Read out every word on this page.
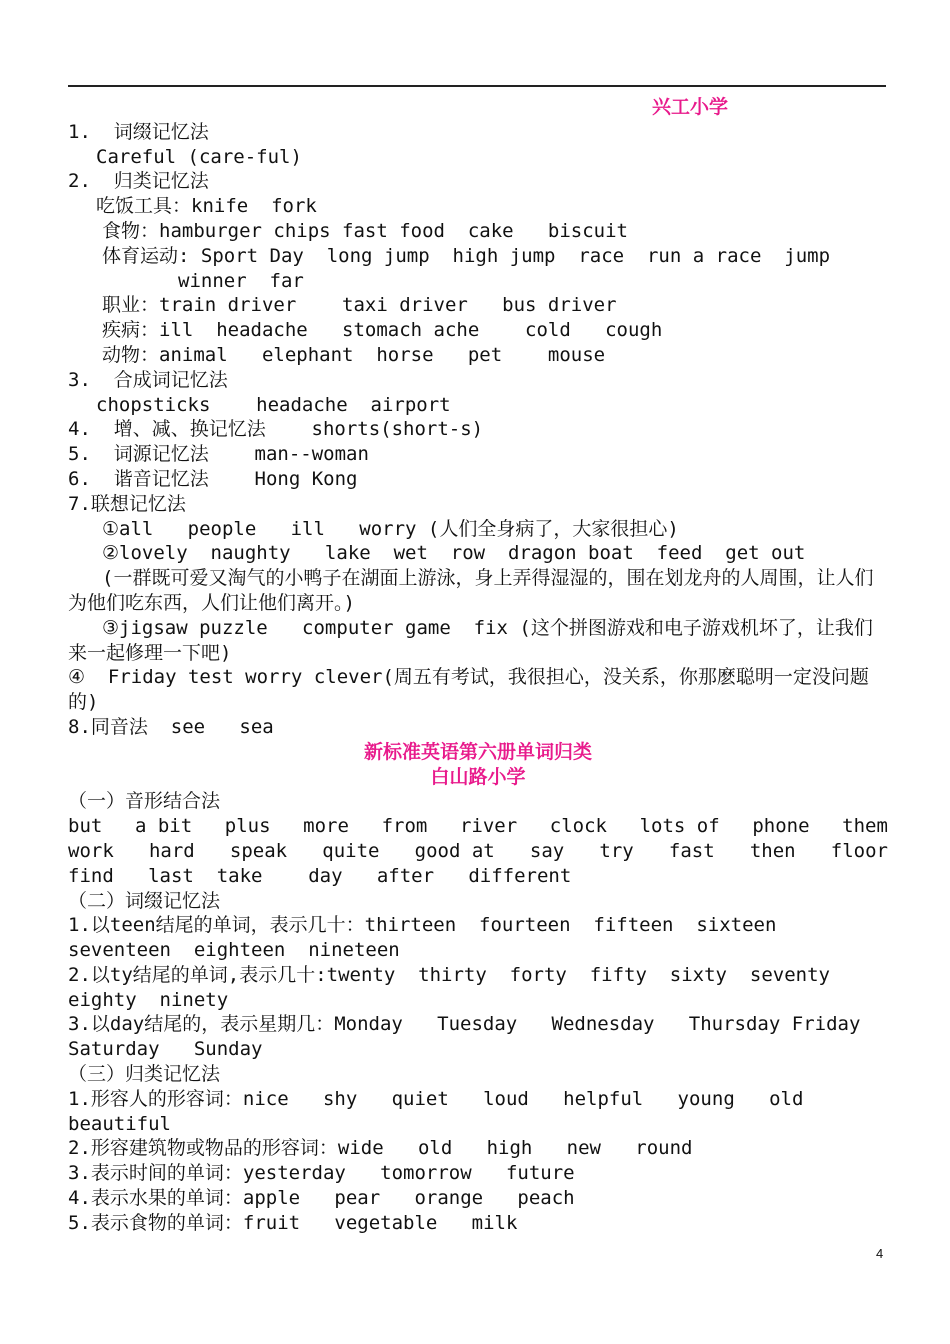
兴工小学
1.  词缀记忆法
Careful (care-ful)
2.  归类记忆法
吃饭工具：knife  fork
食物：hamburger chips fast food  cake   biscuit
体育运动: Sport Day  long jump  high jump  race  run a race  jump
winner  far
职业：train driver    taxi driver   bus driver
疾病：ill  headache   stomach ache    cold   cough
动物：animal   elephant  horse   pet    mouse
3.  合成词记忆法
chopsticks    headache  airport
4.  增、减、换记忆法    shorts(short-s)
5.  词源记忆法    man--woman
6.  谐音记忆法    Hong Kong
7.联想记忆法
①all   people   ill   worry (人们全身病了，大家很担心)
②lovely  naughty   lake  wet  row  dragon boat  feed  get out
(一群既可爱又淘气的小鸭子在湖面上游泳，身上弄得湿湿的，围在划龙舟的人周围，让人们为他们吃东西，人们让他们离开。)
③jigsaw puzzle   computer game  fix (这个拼图游戏和电子游戏机坏了，让我们来一起修理一下吧)
④  Friday test worry clever(周五有考试，我很担心，没关系，你那麽聪明一定没问题的)
8.同音法  see   sea
新标准英语第六册单词归类
白山路小学
（一）音形结合法
but a bit plus more from river clock lots of phone them
work hard speak quite good at say try fast then floor
find   last  take    day   after   different
（二）词缀记忆法
1.以teen结尾的单词，表示几十：thirteen  fourteen  fifteen  sixteen seventeen  eighteen  nineteen
2.以ty结尾的单词,表示几十:twenty  thirty  forty  fifty  sixty  seventy eighty  ninety
3.以day结尾的，表示星期几：Monday   Tuesday   Wednesday   Thursday Friday   Saturday   Sunday
（三）归类记忆法
1.形容人的形容词：nice   shy   quiet   loud   helpful   young   old beautiful
2.形容建筑物或物品的形容词：wide   old   high   new   round
3.表示时间的单词：yesterday   tomorrow   future
4.表示水果的单词：apple   pear   orange   peach
5.表示食物的单词：fruit   vegetable   milk
4
